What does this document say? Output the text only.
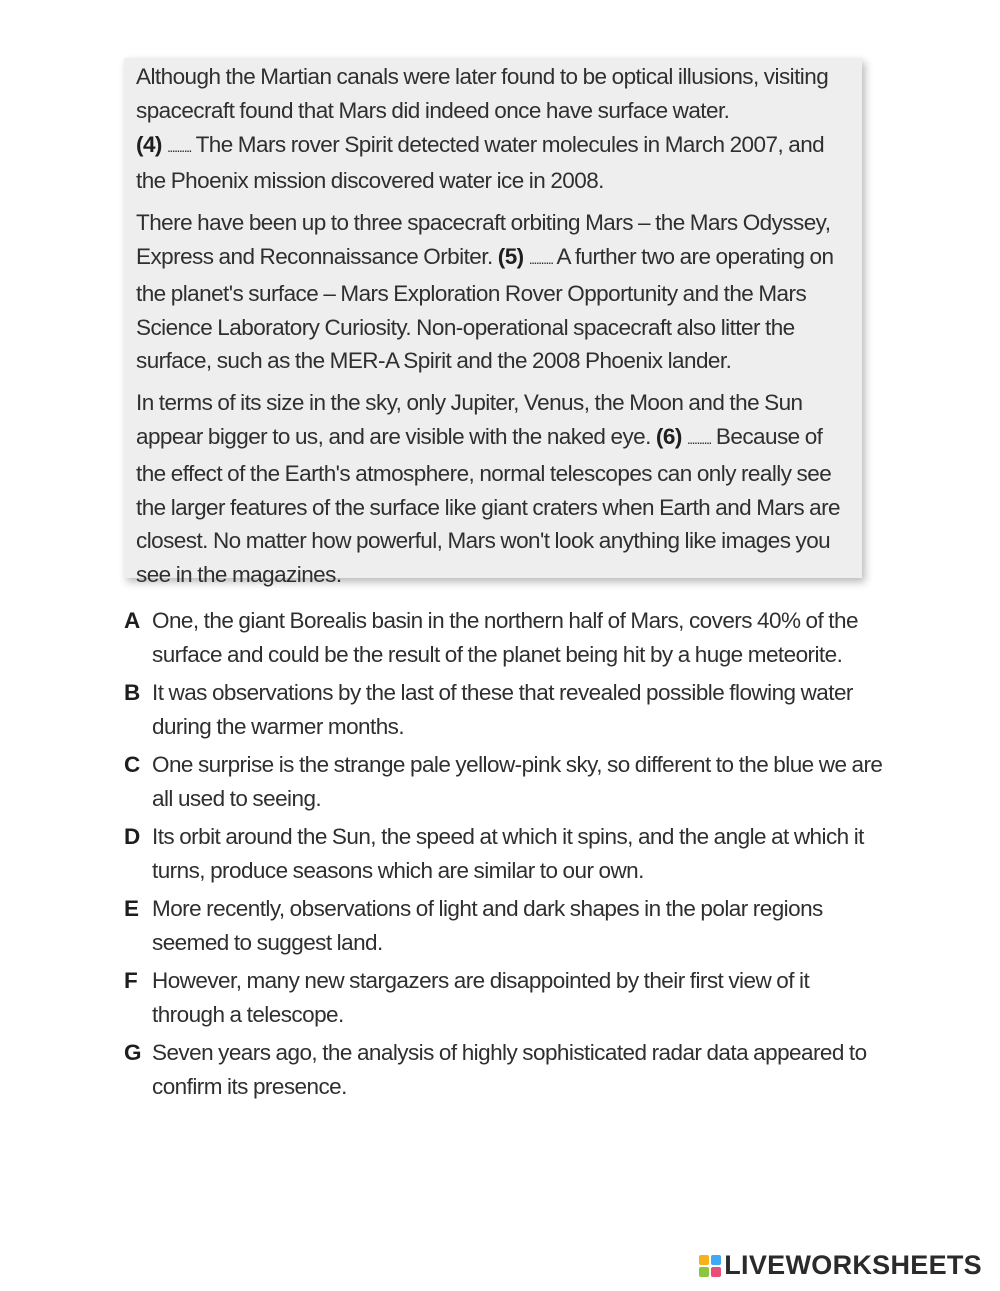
Although the Martian canals were later found to be optical illusions, visiting spacecraft found that Mars did indeed once have surface water.
(4) .......... The Mars rover Spirit detected water molecules in March 2007, and the Phoenix mission discovered water ice in 2008.

There have been up to three spacecraft orbiting Mars – the Mars Odyssey, Express and Reconnaissance Orbiter. (5) .......... A further two are operating on the planet's surface – Mars Exploration Rover Opportunity and the Mars Science Laboratory Curiosity. Non-operational spacecraft also litter the surface, such as the MER-A Spirit and the 2008 Phoenix lander.

In terms of its size in the sky, only Jupiter, Venus, the Moon and the Sun appear bigger to us, and are visible with the naked eye. (6) .......... Because of the effect of the Earth's atmosphere, normal telescopes can only really see the larger features of the surface like giant craters when Earth and Mars are closest. No matter how powerful, Mars won't look anything like images you see in the magazines.

A One, the giant Borealis basin in the northern half of Mars, covers 40% of the surface and could be the result of the planet being hit by a huge meteorite.
B It was observations by the last of these that revealed possible flowing water during the warmer months.
C One surprise is the strange pale yellow-pink sky, so different to the blue we are all used to seeing.
D Its orbit around the Sun, the speed at which it spins, and the angle at which it turns, produce seasons which are similar to our own.
E More recently, observations of light and dark shapes in the polar regions seemed to suggest land.
F However, many new stargazers are disappointed by their first view of it through a telescope.
G Seven years ago, the analysis of highly sophisticated radar data appeared to confirm its presence.
LIVEWORKSHEETS
